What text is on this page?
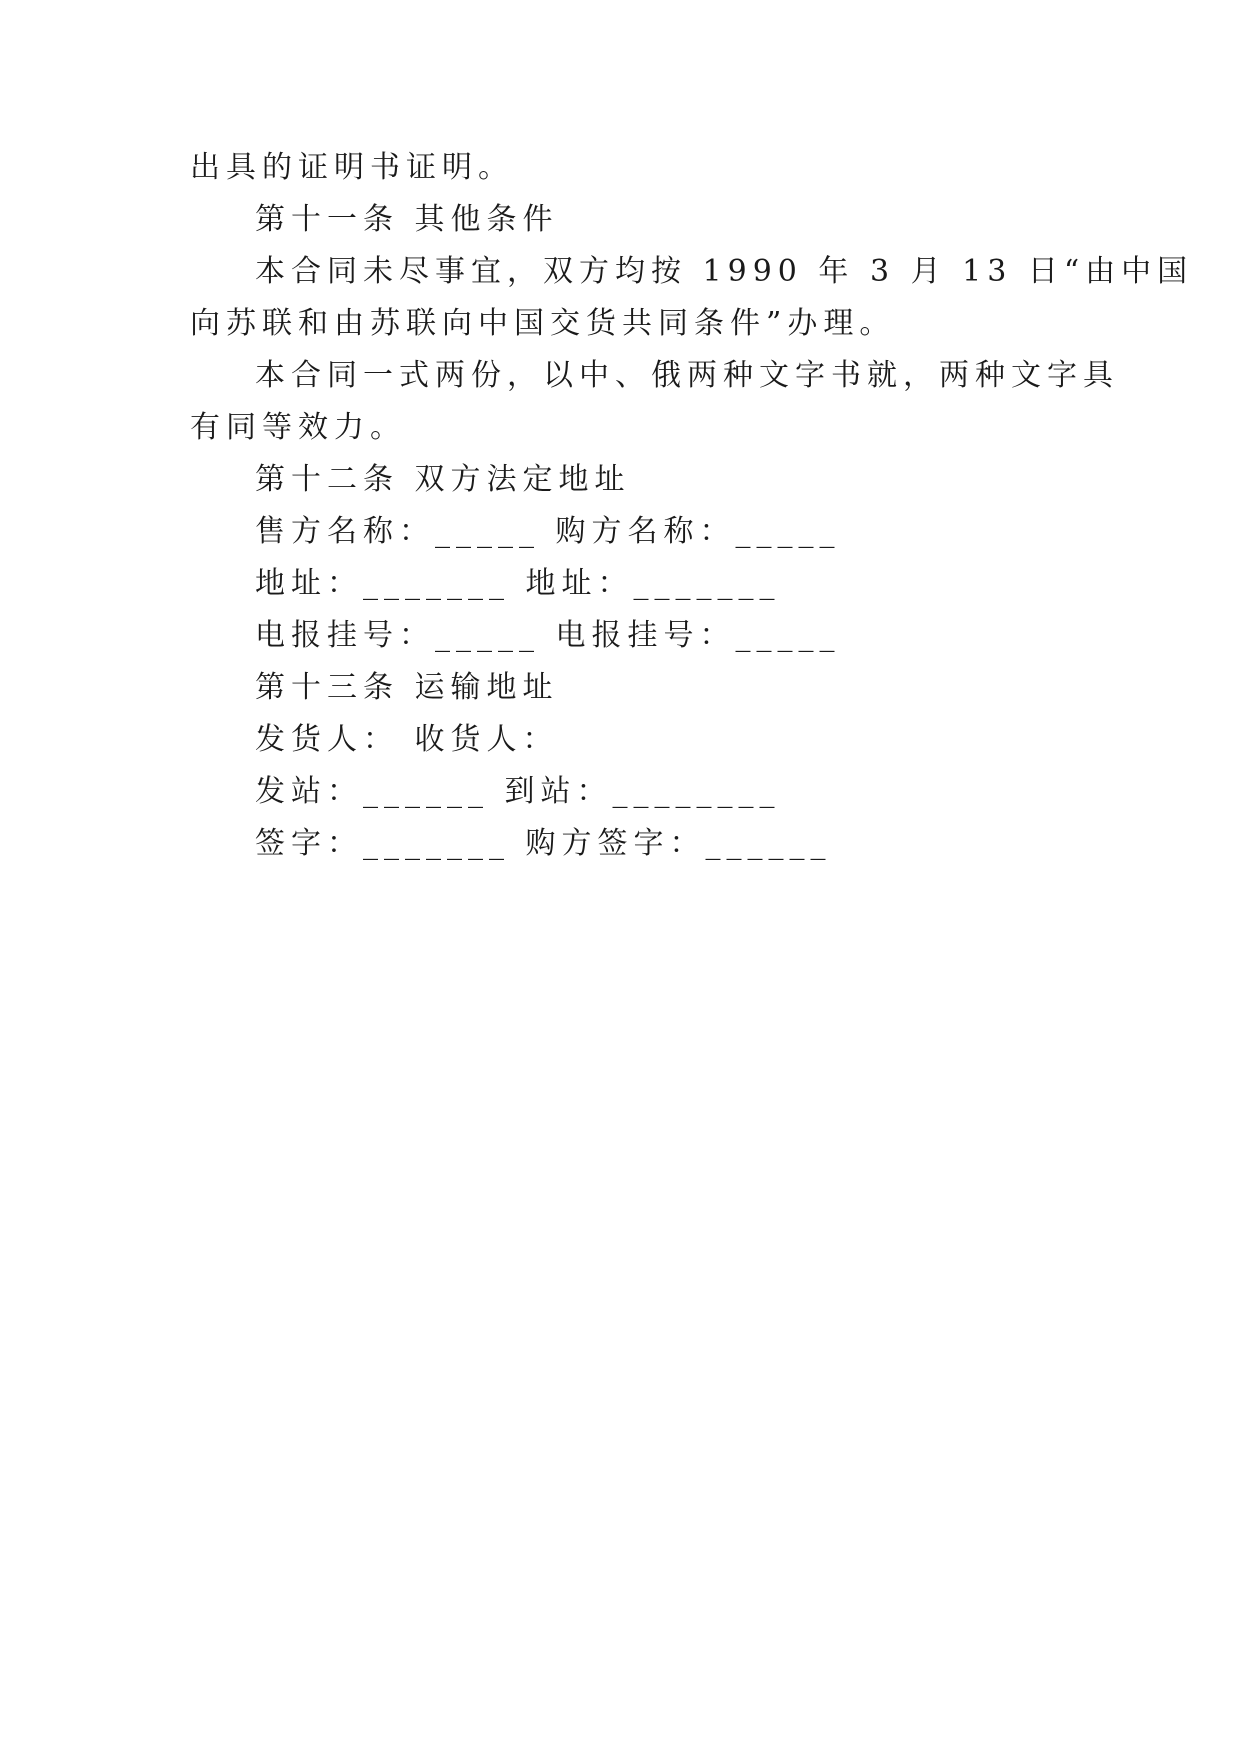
出具的证明书证明。
第十一条 其他条件
本合同未尽事宜，双方均按 1990 年 3 月 13 日“由中国
向苏联和由苏联向中国交货共同条件”办理。
本合同一式两份，以中、俄两种文字书就，两种文字具
有同等效力。
第十二条 双方法定地址
售方名称：_____ 购方名称：_____
地址：_______ 地址：_______
电报挂号：_____ 电报挂号：_____
第十三条 运输地址
发货人： 收货人：
发站：______ 到站：________
签字：_______ 购方签字：______
